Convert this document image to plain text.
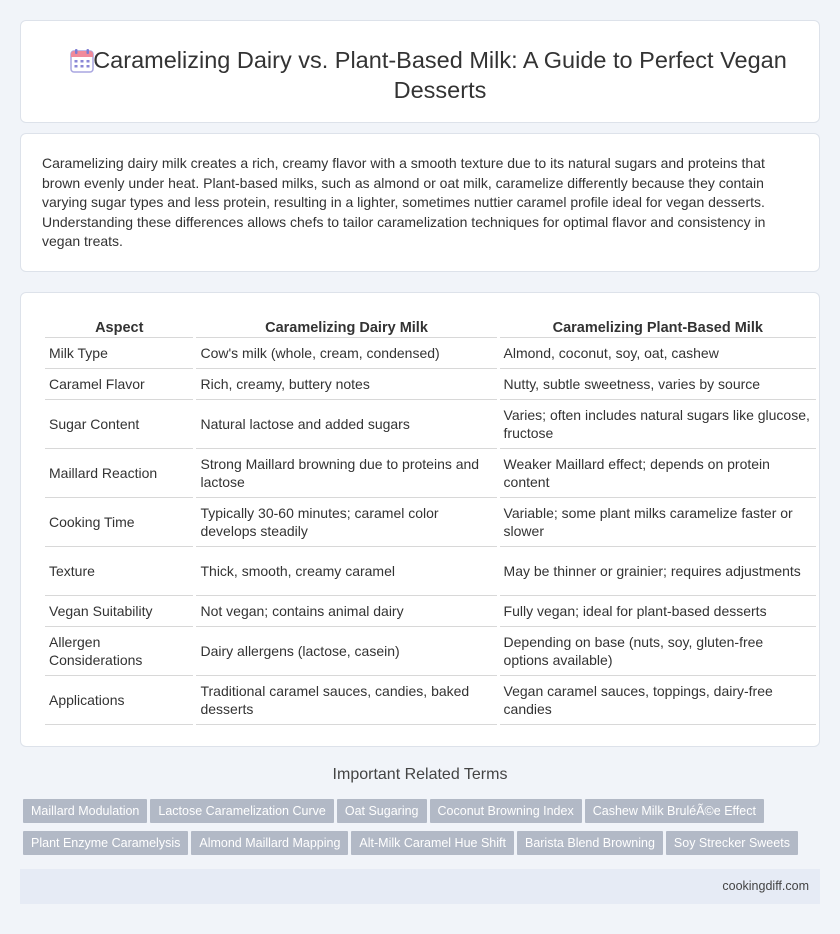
Caramelizing Dairy vs. Plant-Based Milk: A Guide to Perfect Vegan Desserts

Caramelizing dairy milk creates a rich, creamy flavor with a smooth texture due to its natural sugars and proteins that brown evenly under heat. Plant-based milks, such as almond or oat milk, caramelize differently because they contain varying sugar types and less protein, resulting in a lighter, sometimes nuttier caramel profile ideal for vegan desserts. Understanding these differences allows chefs to tailor caramelization techniques for optimal flavor and consistency in vegan treats.

Aspect	Caramelizing Dairy Milk	Caramelizing Plant-Based Milk
Milk Type	Cow's milk (whole, cream, condensed)	Almond, coconut, soy, oat, cashew
Caramel Flavor	Rich, creamy, buttery notes	Nutty, subtle sweetness, varies by source
Sugar Content	Natural lactose and added sugars	Varies; often includes natural sugars like glucose, fructose
Maillard Reaction	Strong Maillard browning due to proteins and lactose	Weaker Maillard effect; depends on protein content
Cooking Time	Typically 30-60 minutes; caramel color develops steadily	Variable; some plant milks caramelize faster or slower
Texture	Thick, smooth, creamy caramel	May be thinner or grainier; requires adjustments
Vegan Suitability	Not vegan; contains animal dairy	Fully vegan; ideal for plant-based desserts
Allergen Considerations	Dairy allergens (lactose, casein)	Depending on base (nuts, soy, gluten-free options available)
Applications	Traditional caramel sauces, candies, baked desserts	Vegan caramel sauces, toppings, dairy-free candies
Important Related Terms
Maillard Modulation Lactose Caramelization Curve Oat Sugaring Coconut Browning Index Cashew Milk BruléÃ©e Effect
Plant Enzyme Caramelysis Almond Maillard Mapping Alt-Milk Caramel Hue Shift Barista Blend Browning Soy Strecker Sweets
cookingdiff.com
